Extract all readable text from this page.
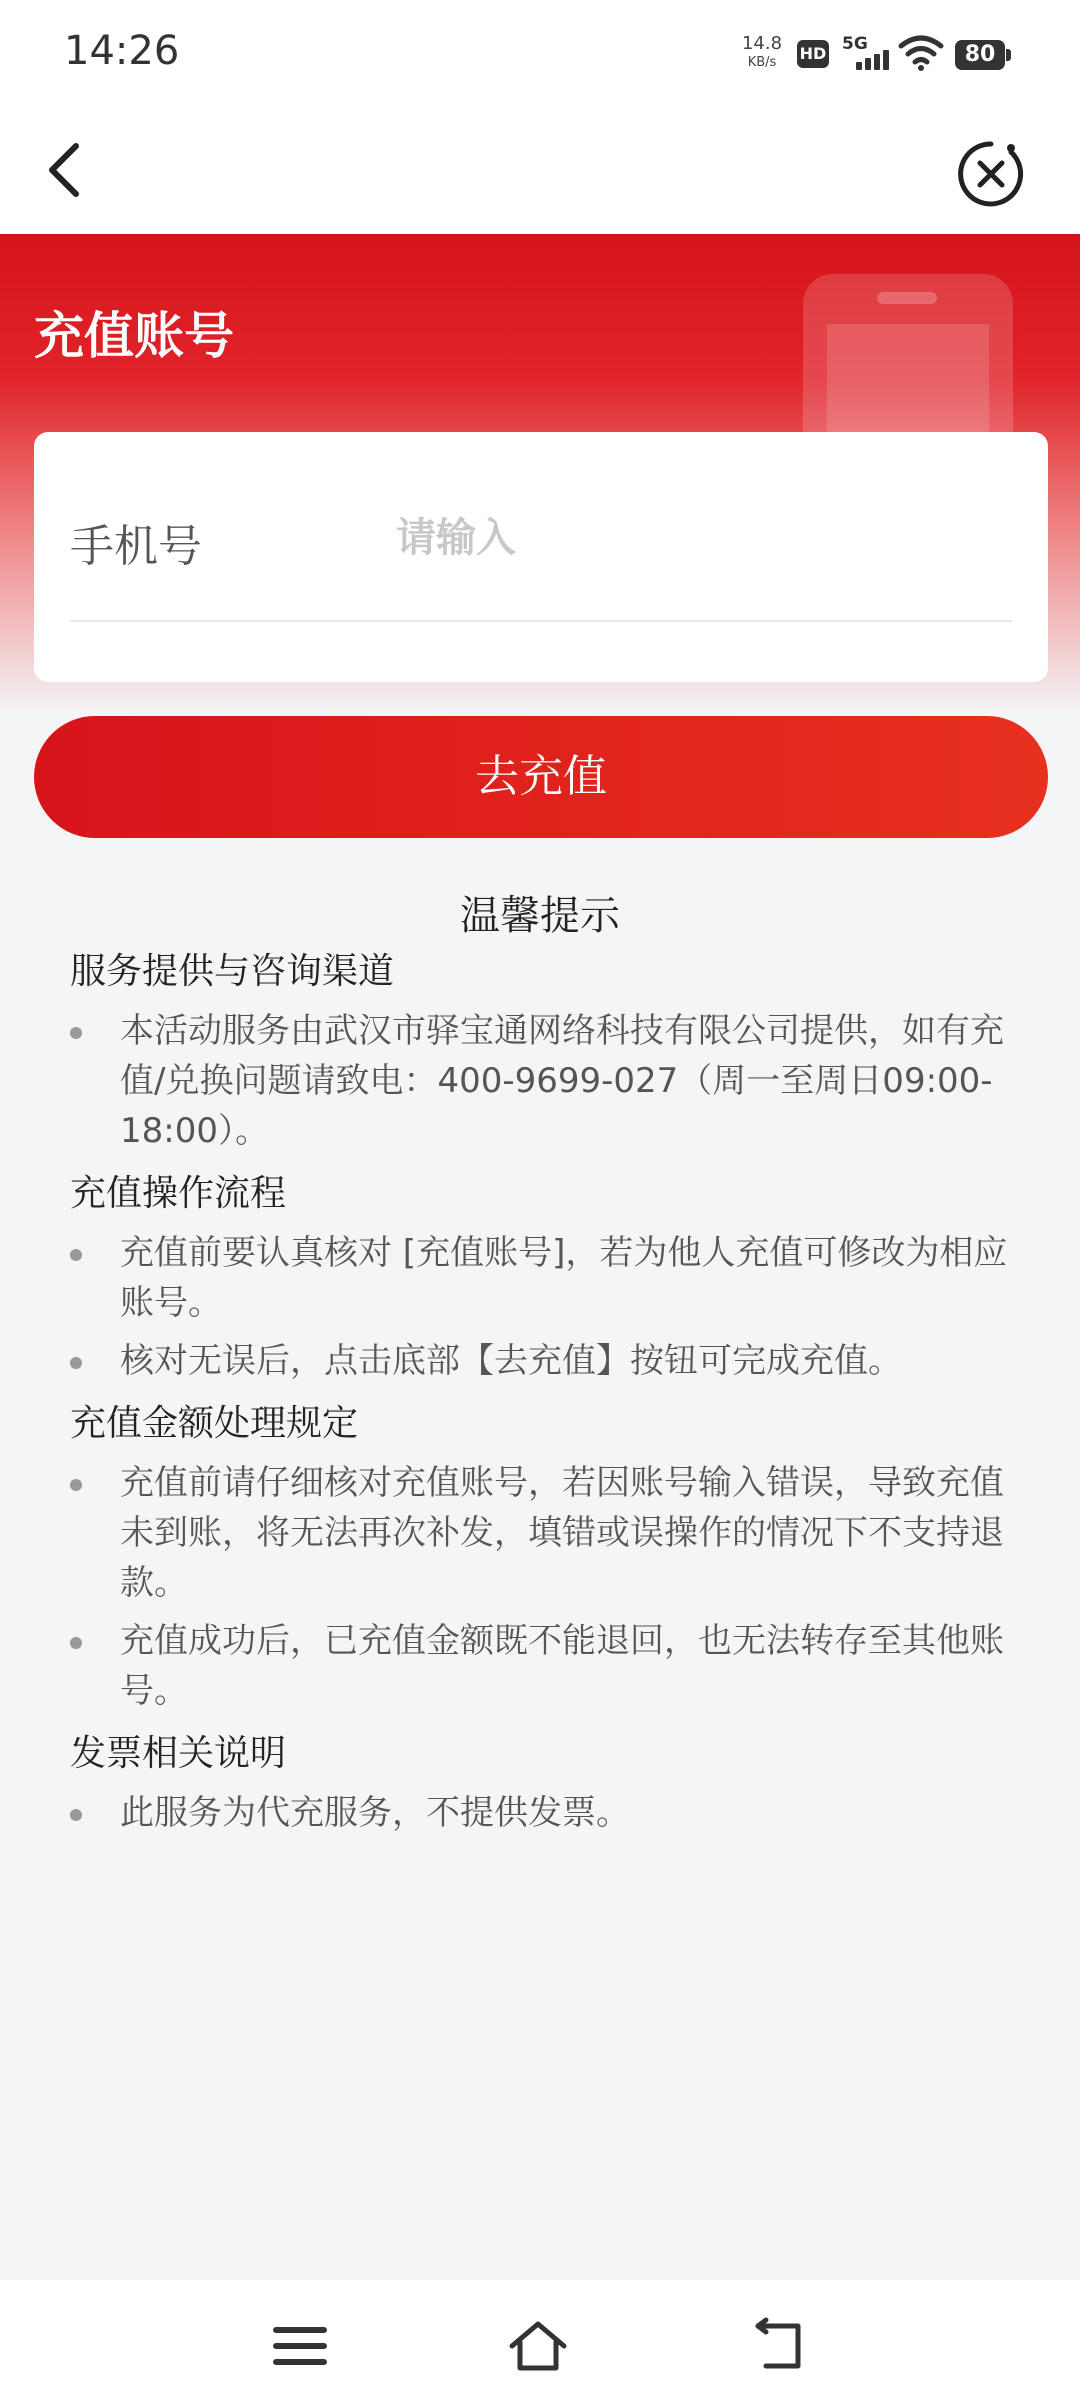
14:26	14.8
KB/s	HD 5G	80
充值账号
手机号
请输入
去充值
温馨提示

服务提供与咨询渠道

本活动服务由武汉市驿宝通网络科技有限公司提供，如有充值/兑换问题请致电：400-9699-027（周一至周日09:00-18:00）。

充值操作流程

充值前要认真核对 [充值账号]，若为他人充值可修改为相应账号。
核对无误后，点击底部【去充值】按钮可完成充值。

充值金额处理规定

充值前请仔细核对充值账号，若因账号输入错误，导致充值未到账，将无法再次补发，填错或误操作的情况下不支持退款。
充值成功后，已充值金额既不能退回，也无法转存至其他账号。

发票相关说明

此服务为代充服务，不提供发票。
